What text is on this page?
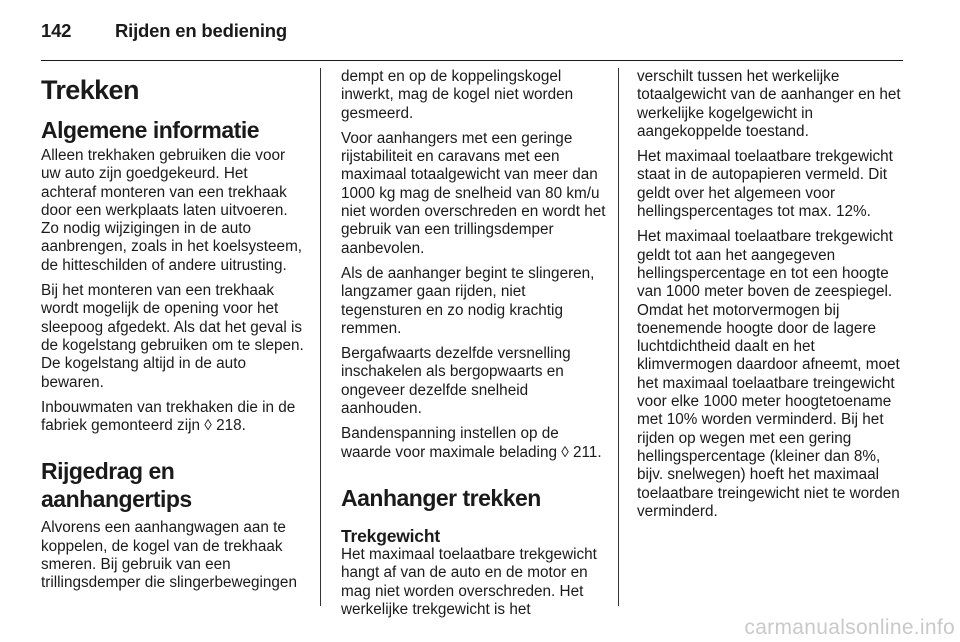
142 Rijden en bediening
Trekken
Algemene informatie

Alleen trekhaken gebruiken die voor uw auto zijn goedgekeurd. Het achteraf monteren van een trekhaak door een werkplaats laten uitvoeren. Zo nodig wijzigingen in de auto aanbrengen, zoals in het koelsysteem, de hitteschilden of andere uitrusting.

Bij het monteren van een trekhaak wordt mogelijk de opening voor het sleepoog afgedekt. Als dat het geval is de kogelstang gebruiken om te slepen. De kogelstang altijd in de auto bewaren.

Inbouwmaten van trekhaken die in de fabriek gemonteerd zijn ◊ 218.

Rijgedrag en aanhangertips

Alvorens een aanhangwagen aan te koppelen, de kogel van de trekhaak smeren. Bij gebruik van een trillingsdemper die slingerbewegingen

dempt en op de koppelingskogel inwerkt, mag de kogel niet worden gesmeerd.

Voor aanhangers met een geringe rijstabiliteit en caravans met een maximaal totaalgewicht van meer dan 1000 kg mag de snelheid van 80 km/u niet worden overschreden en wordt het gebruik van een trillingsdemper aanbevolen.

Als de aanhanger begint te slingeren, langzamer gaan rijden, niet tegensturen en zo nodig krachtig remmen.

Bergafwaarts dezelfde versnelling inschakelen als bergopwaarts en ongeveer dezelfde snelheid aanhouden.

Bandenspanning instellen op de waarde voor maximale belading ◊ 211.

Aanhanger trekken
Trekgewicht

Het maximaal toelaatbare trekgewicht hangt af van de auto en de motor en mag niet worden overschreden. Het werkelijke trekgewicht is het

verschilt tussen het werkelijke totaalgewicht van de aanhanger en het werkelijke kogelgewicht in aangekoppelde toestand.

Het maximaal toelaatbare trekgewicht staat in de autopapieren vermeld. Dit geldt over het algemeen voor hellingspercentages tot max. 12%.

Het maximaal toelaatbare trekgewicht geldt tot aan het aangegeven hellingspercentage en tot een hoogte van 1000 meter boven de zeespiegel. Omdat het motorvermogen bij toenemende hoogte door de lagere luchtdichtheid daalt en het klimvermogen daardoor afneemt, moet het maximaal toelaatbare treingewicht voor elke 1000 meter hoogtetoename met 10% worden verminderd. Bij het rijden op wegen met een gering hellingspercentage (kleiner dan 8%, bijv. snelwegen) hoeft het maximaal toelaatbare treingewicht niet te worden verminderd.

carmanualsonline.info
